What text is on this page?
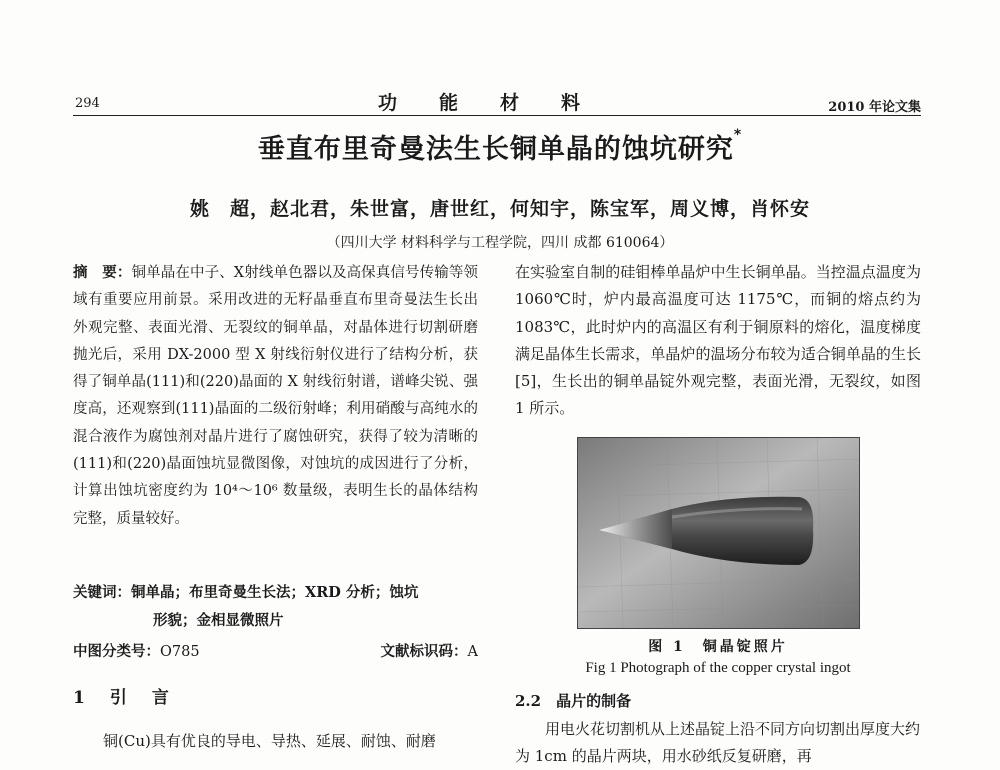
294	功能材料	2010 年论文集
垂直布里奇曼法生长铜单晶的蚀坑研究*
姚　超，赵北君，朱世富，唐世红，何知宇，陈宝军，周义博，肖怀安
（四川大学 材料科学与工程学院，四川 成都 610064）
摘　要：铜单晶在中子、X射线单色器以及高保真信号传输等领域有重要应用前景。采用改进的无籽晶垂直布里奇曼法生长出外观完整、表面光滑、无裂纹的铜单晶，对晶体进行切割研磨抛光后，采用 DX-2000 型 X 射线衍射仪进行了结构分析，获得了铜单晶(111)和(220)晶面的 X 射线衍射谱，谱峰尖锐、强度高，还观察到(111)晶面的二级衍射峰；利用硝酸与高纯水的混合液作为腐蚀剂对晶片进行了腐蚀研究，获得了较为清晰的(111)和(220)晶面蚀坑显微图像，对蚀坑的成因进行了分析，计算出蚀坑密度约为 10⁴～10⁶ 数量级，表明生长的晶体结构完整，质量较好。
关键词：铜单晶；布里奇曼生长法；XRD 分析；蚀坑
形貌；金相显微照片
中图分类号：O785	文献标识码：A
1　引　言
铜(Cu)具有优良的导电、导热、延展、耐蚀、耐磨
在实验室自制的硅钼棒单晶炉中生长铜单晶。当控温点温度为 1060℃时，炉内最高温度可达 1175℃，而铜的熔点约为 1083℃，此时炉内的高温区有利于铜原料的熔化，温度梯度满足晶体生长需求，单晶炉的温场分布较为适合铜单晶的生长[5]，生长出的铜单晶锭外观完整，表面光滑，无裂纹，如图 1 所示。
图 1　铜晶锭照片
Fig 1 Photograph of the copper crystal ingot
2.2　晶片的制备
用电火花切割机从上述晶锭上沿不同方向切割出厚度大约为 1cm 的晶片两块，用水砂纸反复研磨，再
